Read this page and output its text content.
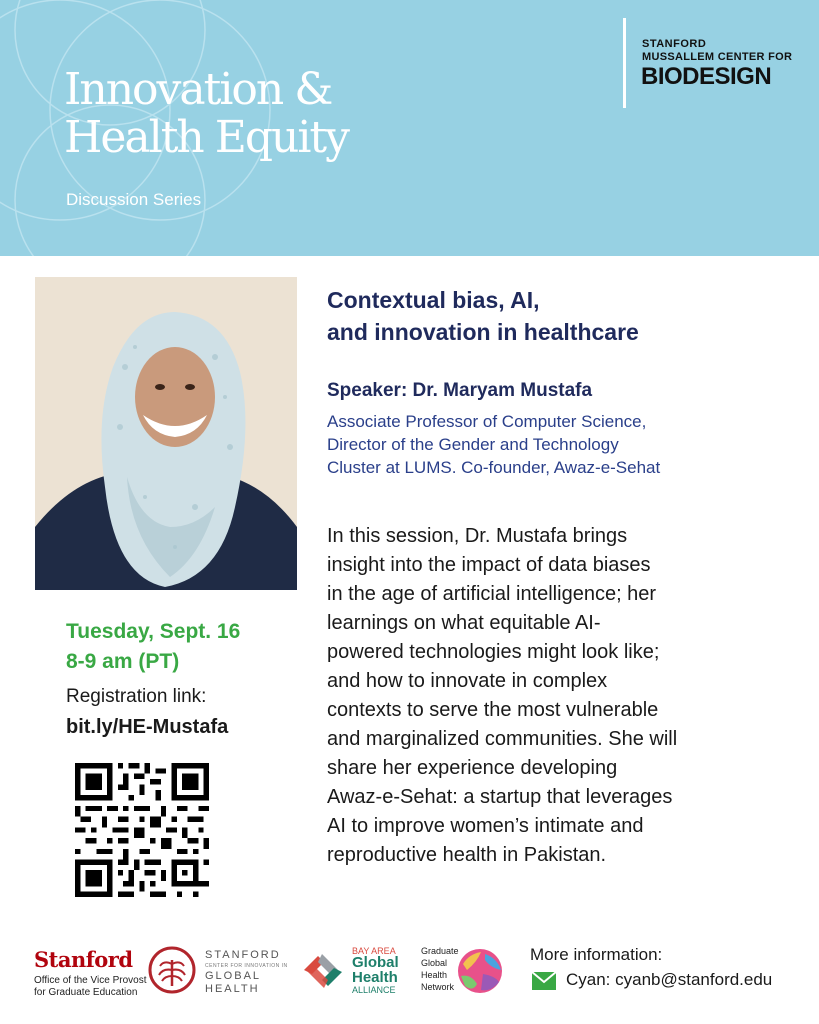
Innovation &
Health Equity
Discussion Series
STANFORD
MUSSALLEM CENTER FOR
BIODESIGN
Tuesday, Sept. 16
8-9 am (PT)
Registration link:
bit.ly/HE-Mustafa
Contextual bias, AI,
and innovation in healthcare
Speaker: Dr. Maryam Mustafa
Associate Professor of Computer Science,
Director of the Gender and Technology
Cluster at LUMS. Co-founder, Awaz-e-Sehat
In this session, Dr. Mustafa brings
insight into the impact of data biases
in the age of artificial intelligence; her
learnings on what equitable AI-
powered technologies might look like;
and how to innovate in complex
contexts to serve the most vulnerable
and marginalized communities. She will
share her experience developing
Awaz-e-Sehat: a startup that leverages
AI to improve women’s intimate and
reproductive health in Pakistan.
Stanford
Office of the Vice Provost
for Graduate Education
STANFORD
CENTER FOR INNOVATION IN
GLOBAL
HEALTH
BAY AREA
Global
Health
ALLIANCE
Graduate
Global
Health
Network
More information:
Cyan: cyanb@stanford.edu
